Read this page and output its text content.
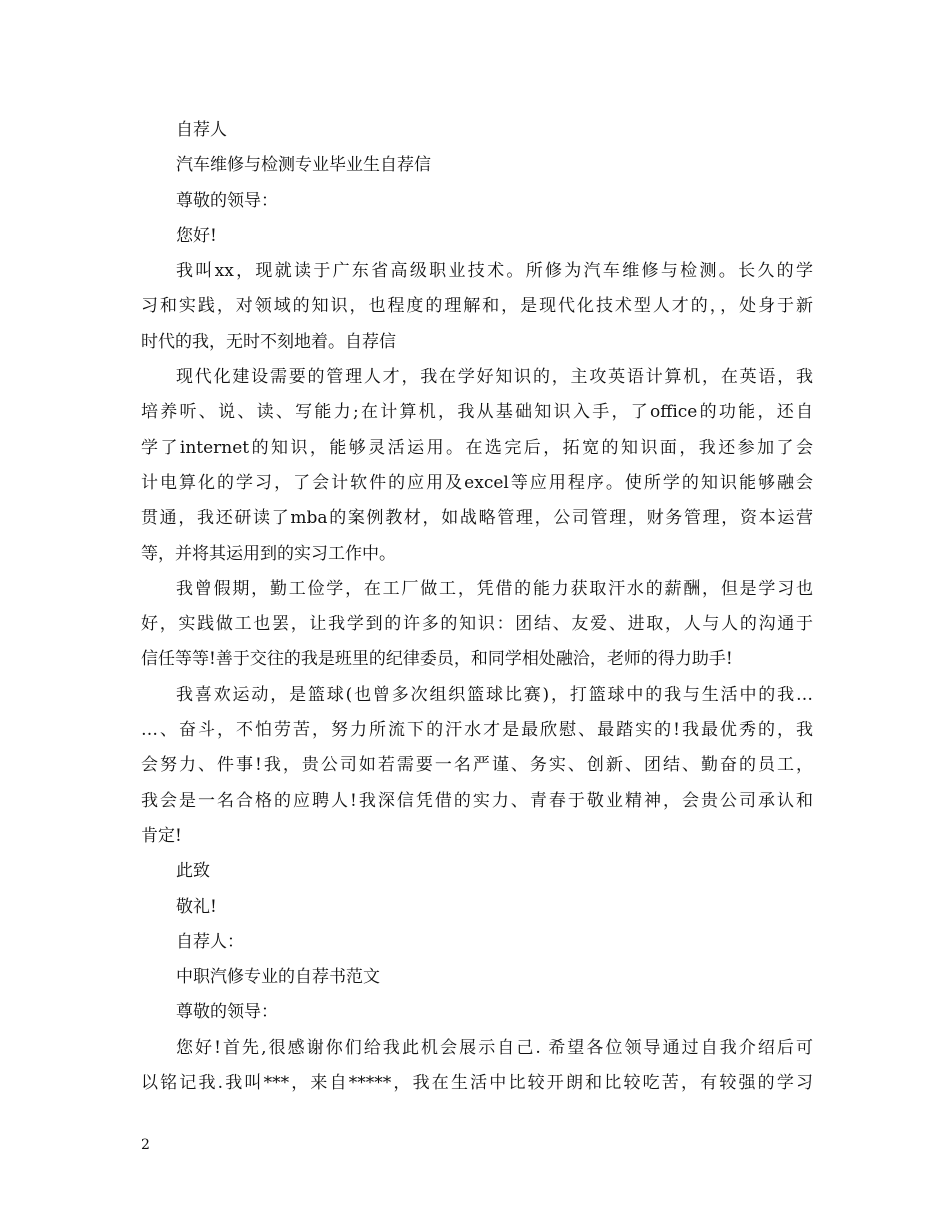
自荐人
汽车维修与检测专业毕业生自荐信
尊敬的领导：
您好!
我叫xx，现就读于广东省高级职业技术。所修为汽车维修与检测。长久的学
习和实践，对领域的知识，也程度的理解和，是现代化技术型人才的，，处身于新
时代的我，无时不刻地着。自荐信
现代化建设需要的管理人才，我在学好知识的，主攻英语计算机，在英语，我
培养听、说、读、写能力;在计算机，我从基础知识入手，了office的功能，还自
学了internet的知识，能够灵活运用。在选完后，拓宽的知识面，我还参加了会
计电算化的学习，了会计软件的应用及excel等应用程序。使所学的知识能够融会
贯通，我还研读了mba的案例教材，如战略管理，公司管理，财务管理，资本运营
等，并将其运用到的实习工作中。
我曾假期，勤工俭学，在工厂做工，凭借的能力获取汗水的薪酬，但是学习也
好，实践做工也罢，让我学到的许多的知识：团结、友爱、进取，人与人的沟通于
信任等等!善于交往的我是班里的纪律委员，和同学相处融洽，老师的得力助手!
我喜欢运动，是篮球(也曾多次组织篮球比赛)，打篮球中的我与生活中的我…
…、奋斗，不怕劳苦，努力所流下的汗水才是最欣慰、最踏实的!我最优秀的，我
会努力、件事!我，贵公司如若需要一名严谨、务实、创新、团结、勤奋的员工，
我会是一名合格的应聘人!我深信凭借的实力、青春于敬业精神，会贵公司承认和
肯定!
此致
敬礼!
自荐人：
中职汽修专业的自荐书范文
尊敬的领导：
您好!首先,很感谢你们给我此机会展示自己. 希望各位领导通过自我介绍后可
以铭记我.我叫***，来自*****，我在生活中比较开朗和比较吃苦，有较强的学习
2
